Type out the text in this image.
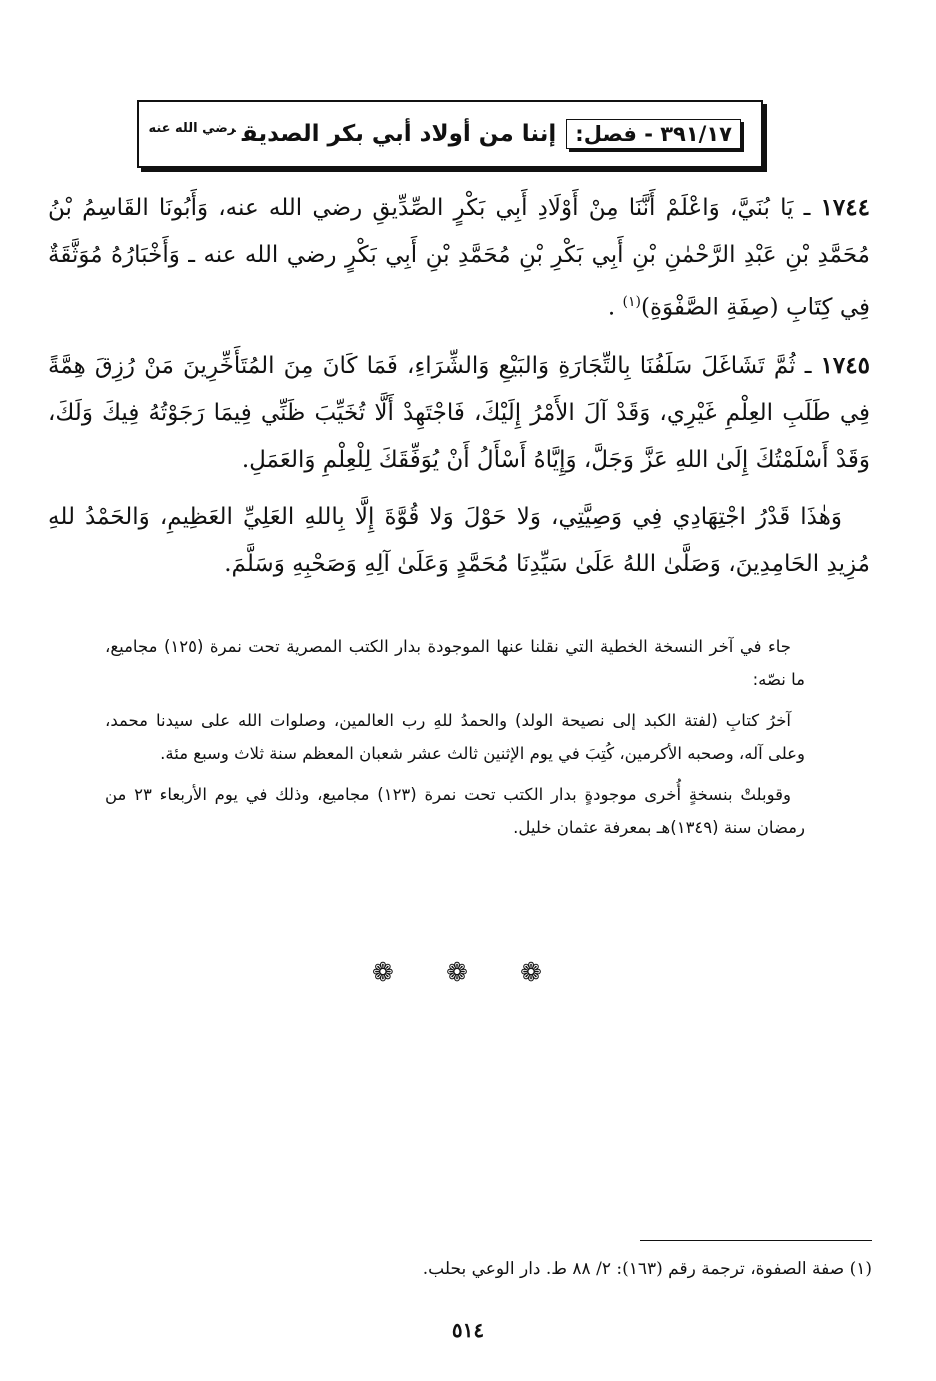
٣٩١/١٧ - فصل:
إننا من أولاد أبي بكر الصديق$^{رضي الله عنه}$

١٧٤٤ ـ يَا بُنَيَّ، وَاعْلَمْ أَنَّنَا مِنْ أَوْلَادِ أَبِي بَكْرٍ الصِّدِّيقِ رضي الله عنه، وَأَبُونَا القَاسِمُ بْنُ مُحَمَّدِ بْنِ عَبْدِ الرَّحْمٰنِ بْنِ أَبِي بَكْرِ بْنِ مُحَمَّدِ بْنِ أَبِي بَكْرٍ رضي الله عنه ـ وَأَخْبَارُهُ مُوَثَّقَةٌ فِي كِتَابِ (صِفَةِ الصَّفْوَةِ)$^{(١)}$ .

١٧٤٥ ـ ثُمَّ تَشَاغَلَ سَلَفُنَا بِالتِّجَارَةِ وَالبَيْعِ وَالشِّرَاءِ، فَمَا كَانَ مِنَ المُتَأَخِّرِينَ مَنْ رُزِقَ هِمَّةً فِي طَلَبِ العِلْمِ غَيْرِي، وَقَدْ آلَ الأَمْرُ إِلَيْكَ، فَاجْتَهِدْ أَلَّا تُخَيِّبَ ظَنِّي فِيمَا رَجَوْتُهُ فِيكَ وَلَكَ، وَقَدْ أَسْلَمْتُكَ إِلَىٰ اللهِ عَزَّ وَجَلَّ، وَإِيَّاهُ أَسْأَلُ أَنْ يُوَفِّقَكَ لِلْعِلْمِ وَالعَمَلِ.

وَهٰذَا قَدْرُ اجْتِهَادِي فِي وَصِيَّتِي، وَلا حَوْلَ وَلا قُوَّةَ إِلَّا بِاللهِ العَلِيِّ العَظِيمِ، وَالحَمْدُ للهِ مُزِيدِ الحَامِدِينَ، وَصَلَّىٰ اللهُ عَلَىٰ سَيِّدِنَا مُحَمَّدٍ وَعَلَىٰ آلِهِ وَصَحْبِهِ وَسَلَّمَ.

جاء في آخر النسخة الخطية التي نقلنا عنها الموجودة بدار الكتب المصرية تحت نمرة (١٢٥) مجاميع، ما نصّه:

آخرُ كتابِ (لفتة الكبد إلى نصيحة الولد) والحمدُ للهِ رب العالمين، وصلوات الله على سيدنا محمد، وعلى آله، وصحبه الأكرمين، كُتِبَ في يوم الإثنين ثالث عشر شعبان المعظم سنة ثلاث وسبع مئة.

وقوبلتْ بنسخةٍ أُخرى موجودةٍ بدار الكتب تحت نمرة (١٢٣) مجاميع، وذلك في يوم الأربعاء ٢٣ من رمضان سنة (١٣٤٩)هـ بمعرفة عثمان خليل.

❁ ❁ ❁
(١) صفة الصفوة، ترجمة رقم (١٦٣): ٢/ ٨٨ ط. دار الوعي بحلب.
٥١٤
